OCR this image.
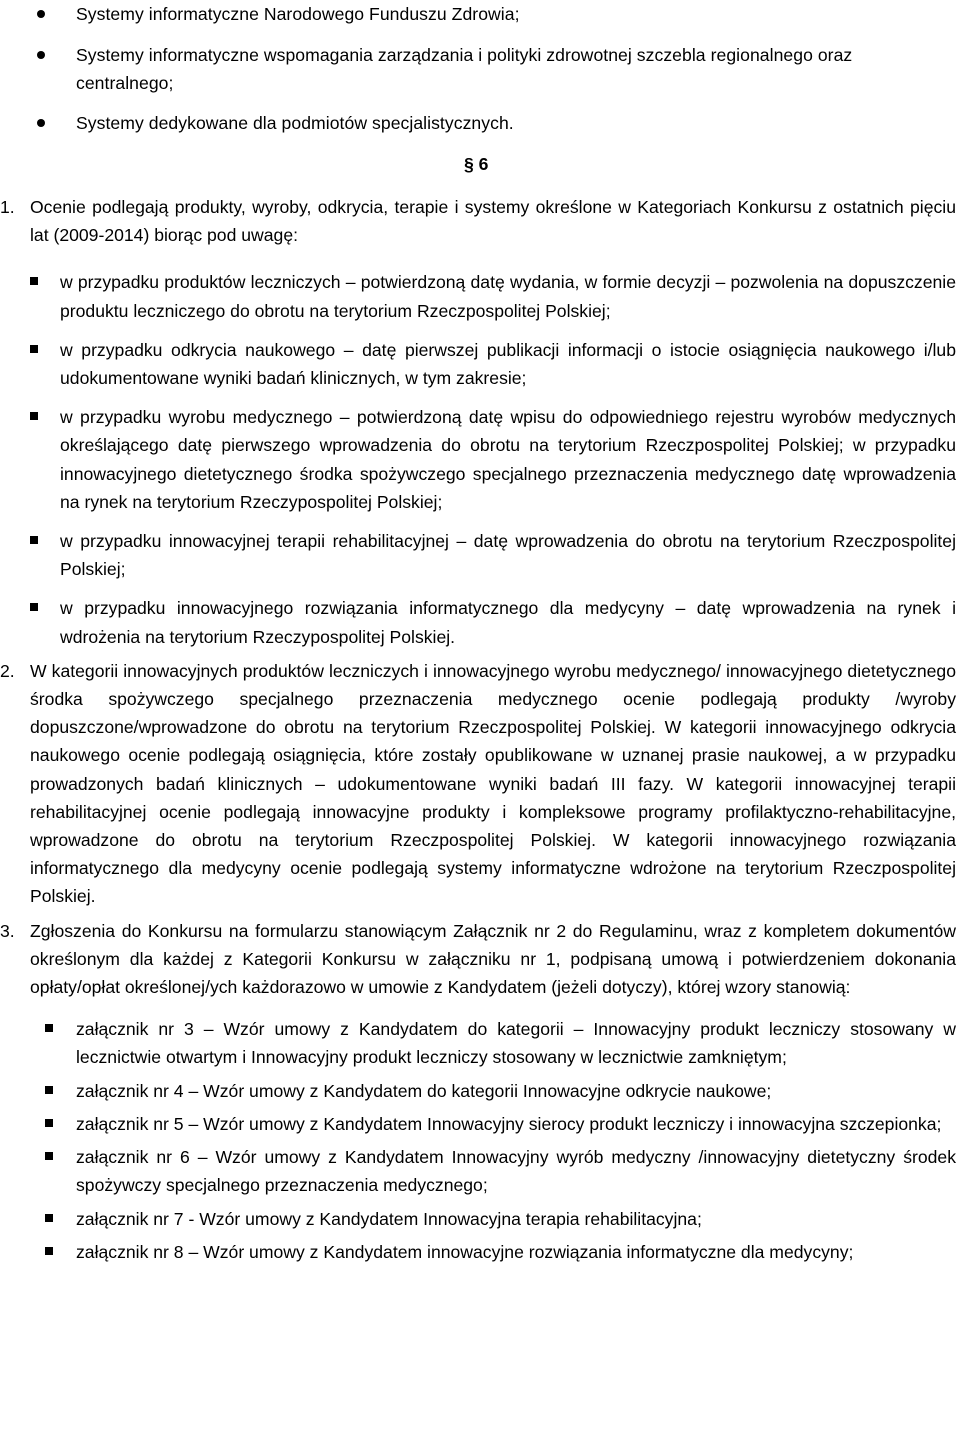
Systemy informatyczne Narodowego Funduszu Zdrowia;
Systemy informatyczne wspomagania zarządzania i polityki zdrowotnej szczebla regionalnego oraz centralnego;
Systemy dedykowane dla podmiotów specjalistycznych.
§ 6
1. Ocenie podlegają produkty, wyroby, odkrycia, terapie i systemy określone w Kategoriach Konkursu z ostatnich pięciu lat (2009-2014) biorąc pod uwagę:

w przypadku produktów leczniczych – potwierdzoną datę wydania, w formie decyzji – pozwolenia na dopuszczenie produktu leczniczego do obrotu na terytorium Rzeczpospolitej Polskiej;
w przypadku odkrycia naukowego – datę pierwszej publikacji informacji o istocie osiągnięcia naukowego i/lub udokumentowane wyniki badań klinicznych, w tym zakresie;
w przypadku wyrobu medycznego – potwierdzoną datę wpisu do odpowiedniego rejestru wyrobów medycznych określającego datę pierwszego wprowadzenia do obrotu na terytorium Rzeczpospolitej Polskiej; w przypadku innowacyjnego dietetycznego środka spożywczego specjalnego przeznaczenia medycznego datę wprowadzenia na rynek na terytorium Rzeczypospolitej Polskiej;
w przypadku innowacyjnej terapii rehabilitacyjnej – datę wprowadzenia do obrotu na terytorium Rzeczpospolitej Polskiej;
w przypadku innowacyjnego rozwiązania informatycznego dla medycyny – datę wprowadzenia na rynek i wdrożenia na terytorium Rzeczypospolitej Polskiej.
2. W kategorii innowacyjnych produktów leczniczych i innowacyjnego wyrobu medycznego/ innowacyjnego dietetycznego środka spożywczego specjalnego przeznaczenia medycznego ocenie podlegają produkty /wyroby dopuszczone/wprowadzone do obrotu na terytorium Rzeczpospolitej Polskiej. W kategorii innowacyjnego odkrycia naukowego ocenie podlegają osiągnięcia, które zostały opublikowane w uznanej prasie naukowej, a w przypadku prowadzonych badań klinicznych – udokumentowane wyniki badań III fazy. W kategorii innowacyjnej terapii rehabilitacyjnej ocenie podlegają innowacyjne produkty i kompleksowe programy profilaktyczno-rehabilitacyjne, wprowadzone do obrotu na terytorium Rzeczpospolitej Polskiej. W kategorii innowacyjnego rozwiązania informatycznego dla medycyny ocenie podlegają systemy informatyczne wdrożone na terytorium Rzeczpospolitej Polskiej.

3. Zgłoszenia do Konkursu na formularzu stanowiącym Załącznik nr 2 do Regulaminu, wraz z kompletem dokumentów określonym dla każdej z Kategorii Konkursu w załączniku nr 1, podpisaną umową i potwierdzeniem dokonania opłaty/opłat określonej/ych każdorazowo w umowie z Kandydatem (jeżeli dotyczy), której wzory stanowią:

załącznik nr 3 – Wzór umowy z Kandydatem do kategorii – Innowacyjny produkt leczniczy stosowany w lecznictwie otwartym i Innowacyjny produkt leczniczy stosowany w lecznictwie zamkniętym;
załącznik nr 4 – Wzór umowy z Kandydatem do kategorii Innowacyjne odkrycie naukowe;
załącznik nr 5 – Wzór umowy z Kandydatem Innowacyjny sierocy produkt leczniczy i innowacyjna szczepionka;
załącznik nr 6 – Wzór umowy z Kandydatem Innowacyjny wyrób medyczny /innowacyjny dietetyczny środek spożywczy specjalnego przeznaczenia medycznego;
załącznik nr 7 - Wzór umowy z Kandydatem Innowacyjna terapia rehabilitacyjna;
załącznik nr 8 – Wzór umowy z Kandydatem innowacyjne rozwiązania informatyczne dla medycyny;
